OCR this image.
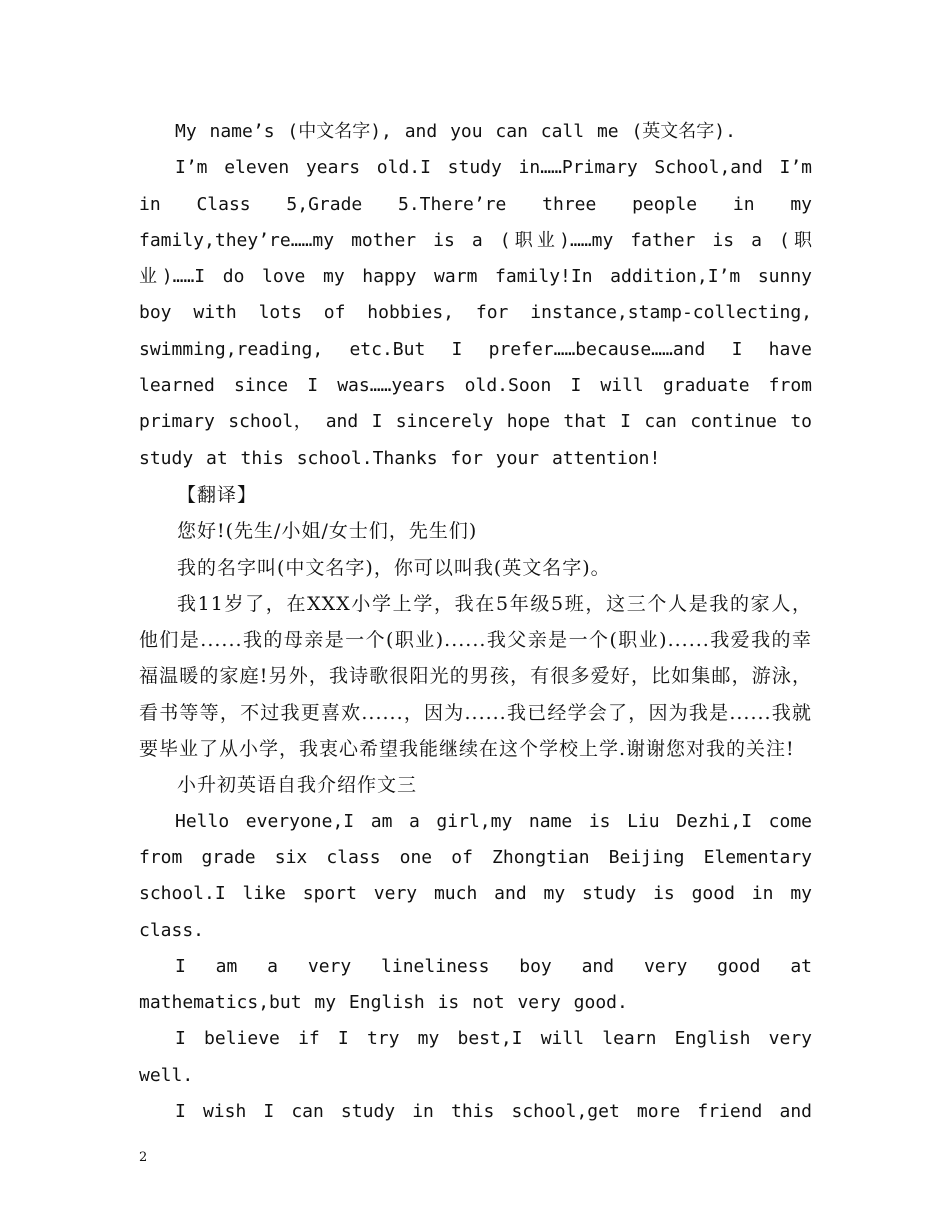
My name’s (中文名字), and you can call me (英文名字).

I’m eleven years old.I study in……Primary School,and I’m in Class 5,Grade 5.There’re three people in my family,they’re……my mother is a (职业)……my father is a (职业)……I do love my happy warm family!In addition,I’m sunny boy with lots of hobbies, for instance,stamp-collecting, swimming,reading, etc.But I prefer……because……and I have learned since I was……years old.Soon I will graduate from primary school， and I sincerely hope that I can continue to study at this school.Thanks for your attention!

【翻译】

您好!(先生/小姐/女士们，先生们)

我的名字叫(中文名字)，你可以叫我(英文名字)。

我11岁了，在XXX小学上学，我在5年级5班，这三个人是我的家人，他们是......我的母亲是一个(职业)......我父亲是一个(职业)......我爱我的幸福温暖的家庭!另外，我诗歌很阳光的男孩，有很多爱好，比如集邮，游泳，看书等等，不过我更喜欢......，因为......我已经学会了，因为我是......我就要毕业了从小学，我衷心希望我能继续在这个学校上学.谢谢您对我的关注!

小升初英语自我介绍作文三

Hello everyone,I am a girl,my name is Liu Dezhi,I come from grade six class one of Zhongtian Beijing Elementary school.I like sport very much and my study is good in my class.

I am a very lineliness boy and very good at mathematics,but my English is not very good.

I believe if I try my best,I will learn English very well.

I wish I can study in this school,get more friend and

2
